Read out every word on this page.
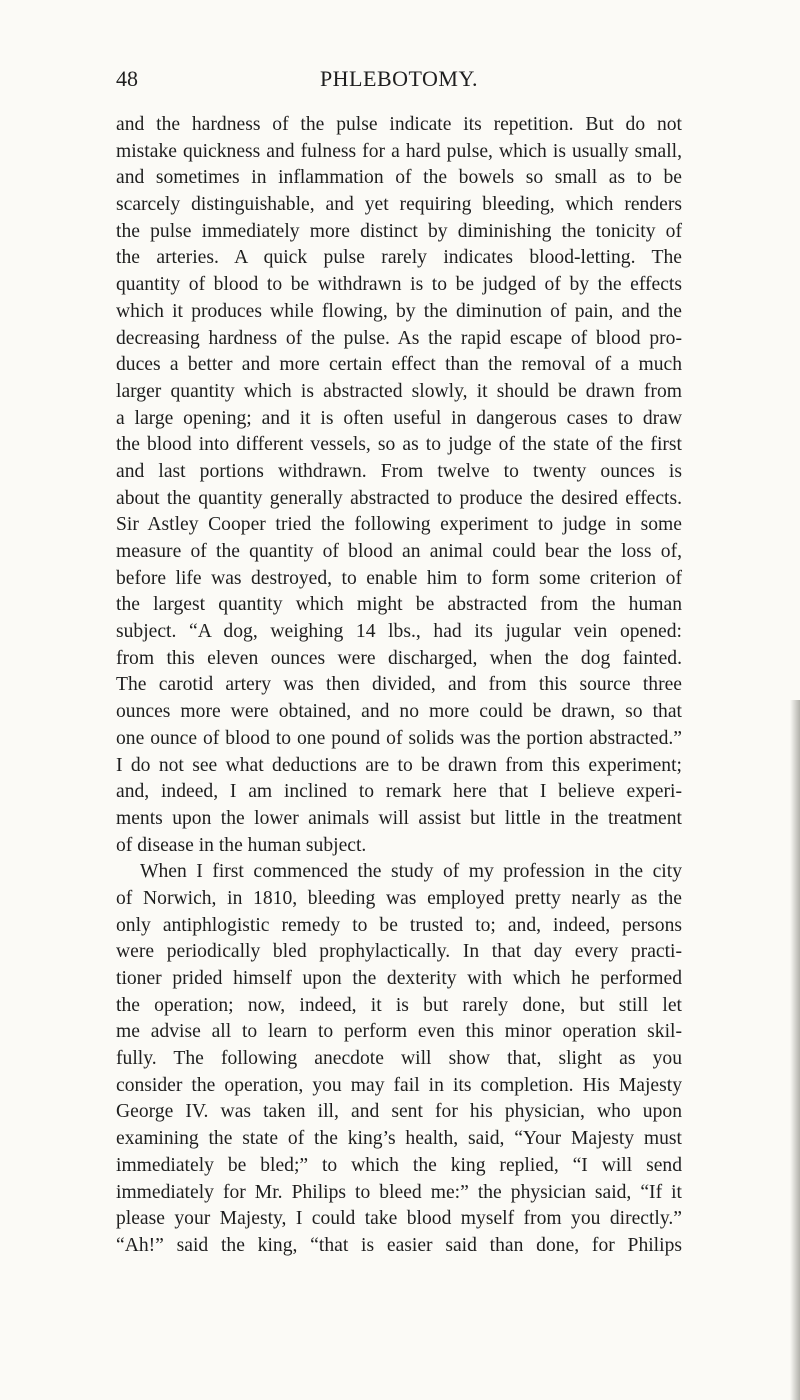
48	PHLEBOTOMY.
and the hardness of the pulse indicate its repetition. But do not
mistake quickness and fulness for a hard pulse, which is usually small,
and sometimes in inflammation of the bowels so small as to be
scarcely distinguishable, and yet requiring bleeding, which renders
the pulse immediately more distinct by diminishing the tonicity of
the arteries. A quick pulse rarely indicates blood-letting. The
quantity of blood to be withdrawn is to be judged of by the effects
which it produces while flowing, by the diminution of pain, and the
decreasing hardness of the pulse. As the rapid escape of blood pro-
duces a better and more certain effect than the removal of a much
larger quantity which is abstracted slowly, it should be drawn from
a large opening; and it is often useful in dangerous cases to draw
the blood into different vessels, so as to judge of the state of the first
and last portions withdrawn. From twelve to twenty ounces is
about the quantity generally abstracted to produce the desired effects.
Sir Astley Cooper tried the following experiment to judge in some
measure of the quantity of blood an animal could bear the loss of,
before life was destroyed, to enable him to form some criterion of
the largest quantity which might be abstracted from the human
subject. “A dog, weighing 14 lbs., had its jugular vein opened:
from this eleven ounces were discharged, when the dog fainted.
The carotid artery was then divided, and from this source three
ounces more were obtained, and no more could be drawn, so that
one ounce of blood to one pound of solids was the portion abstracted.”
I do not see what deductions are to be drawn from this experiment;
and, indeed, I am inclined to remark here that I believe experi-
ments upon the lower animals will assist but little in the treatment
of disease in the human subject.
When I first commenced the study of my profession in the city
of Norwich, in 1810, bleeding was employed pretty nearly as the
only antiphlogistic remedy to be trusted to; and, indeed, persons
were periodically bled prophylactically. In that day every practi-
tioner prided himself upon the dexterity with which he performed
the operation; now, indeed, it is but rarely done, but still let
me advise all to learn to perform even this minor operation skil-
fully. The following anecdote will show that, slight as you
consider the operation, you may fail in its completion. His Majesty
George IV. was taken ill, and sent for his physician, who upon
examining the state of the king’s health, said, “Your Majesty must
immediately be bled;” to which the king replied, “I will send
immediately for Mr. Philips to bleed me:” the physician said, “If it
please your Majesty, I could take blood myself from you directly.”
“Ah!” said the king, “that is easier said than done, for Philips
